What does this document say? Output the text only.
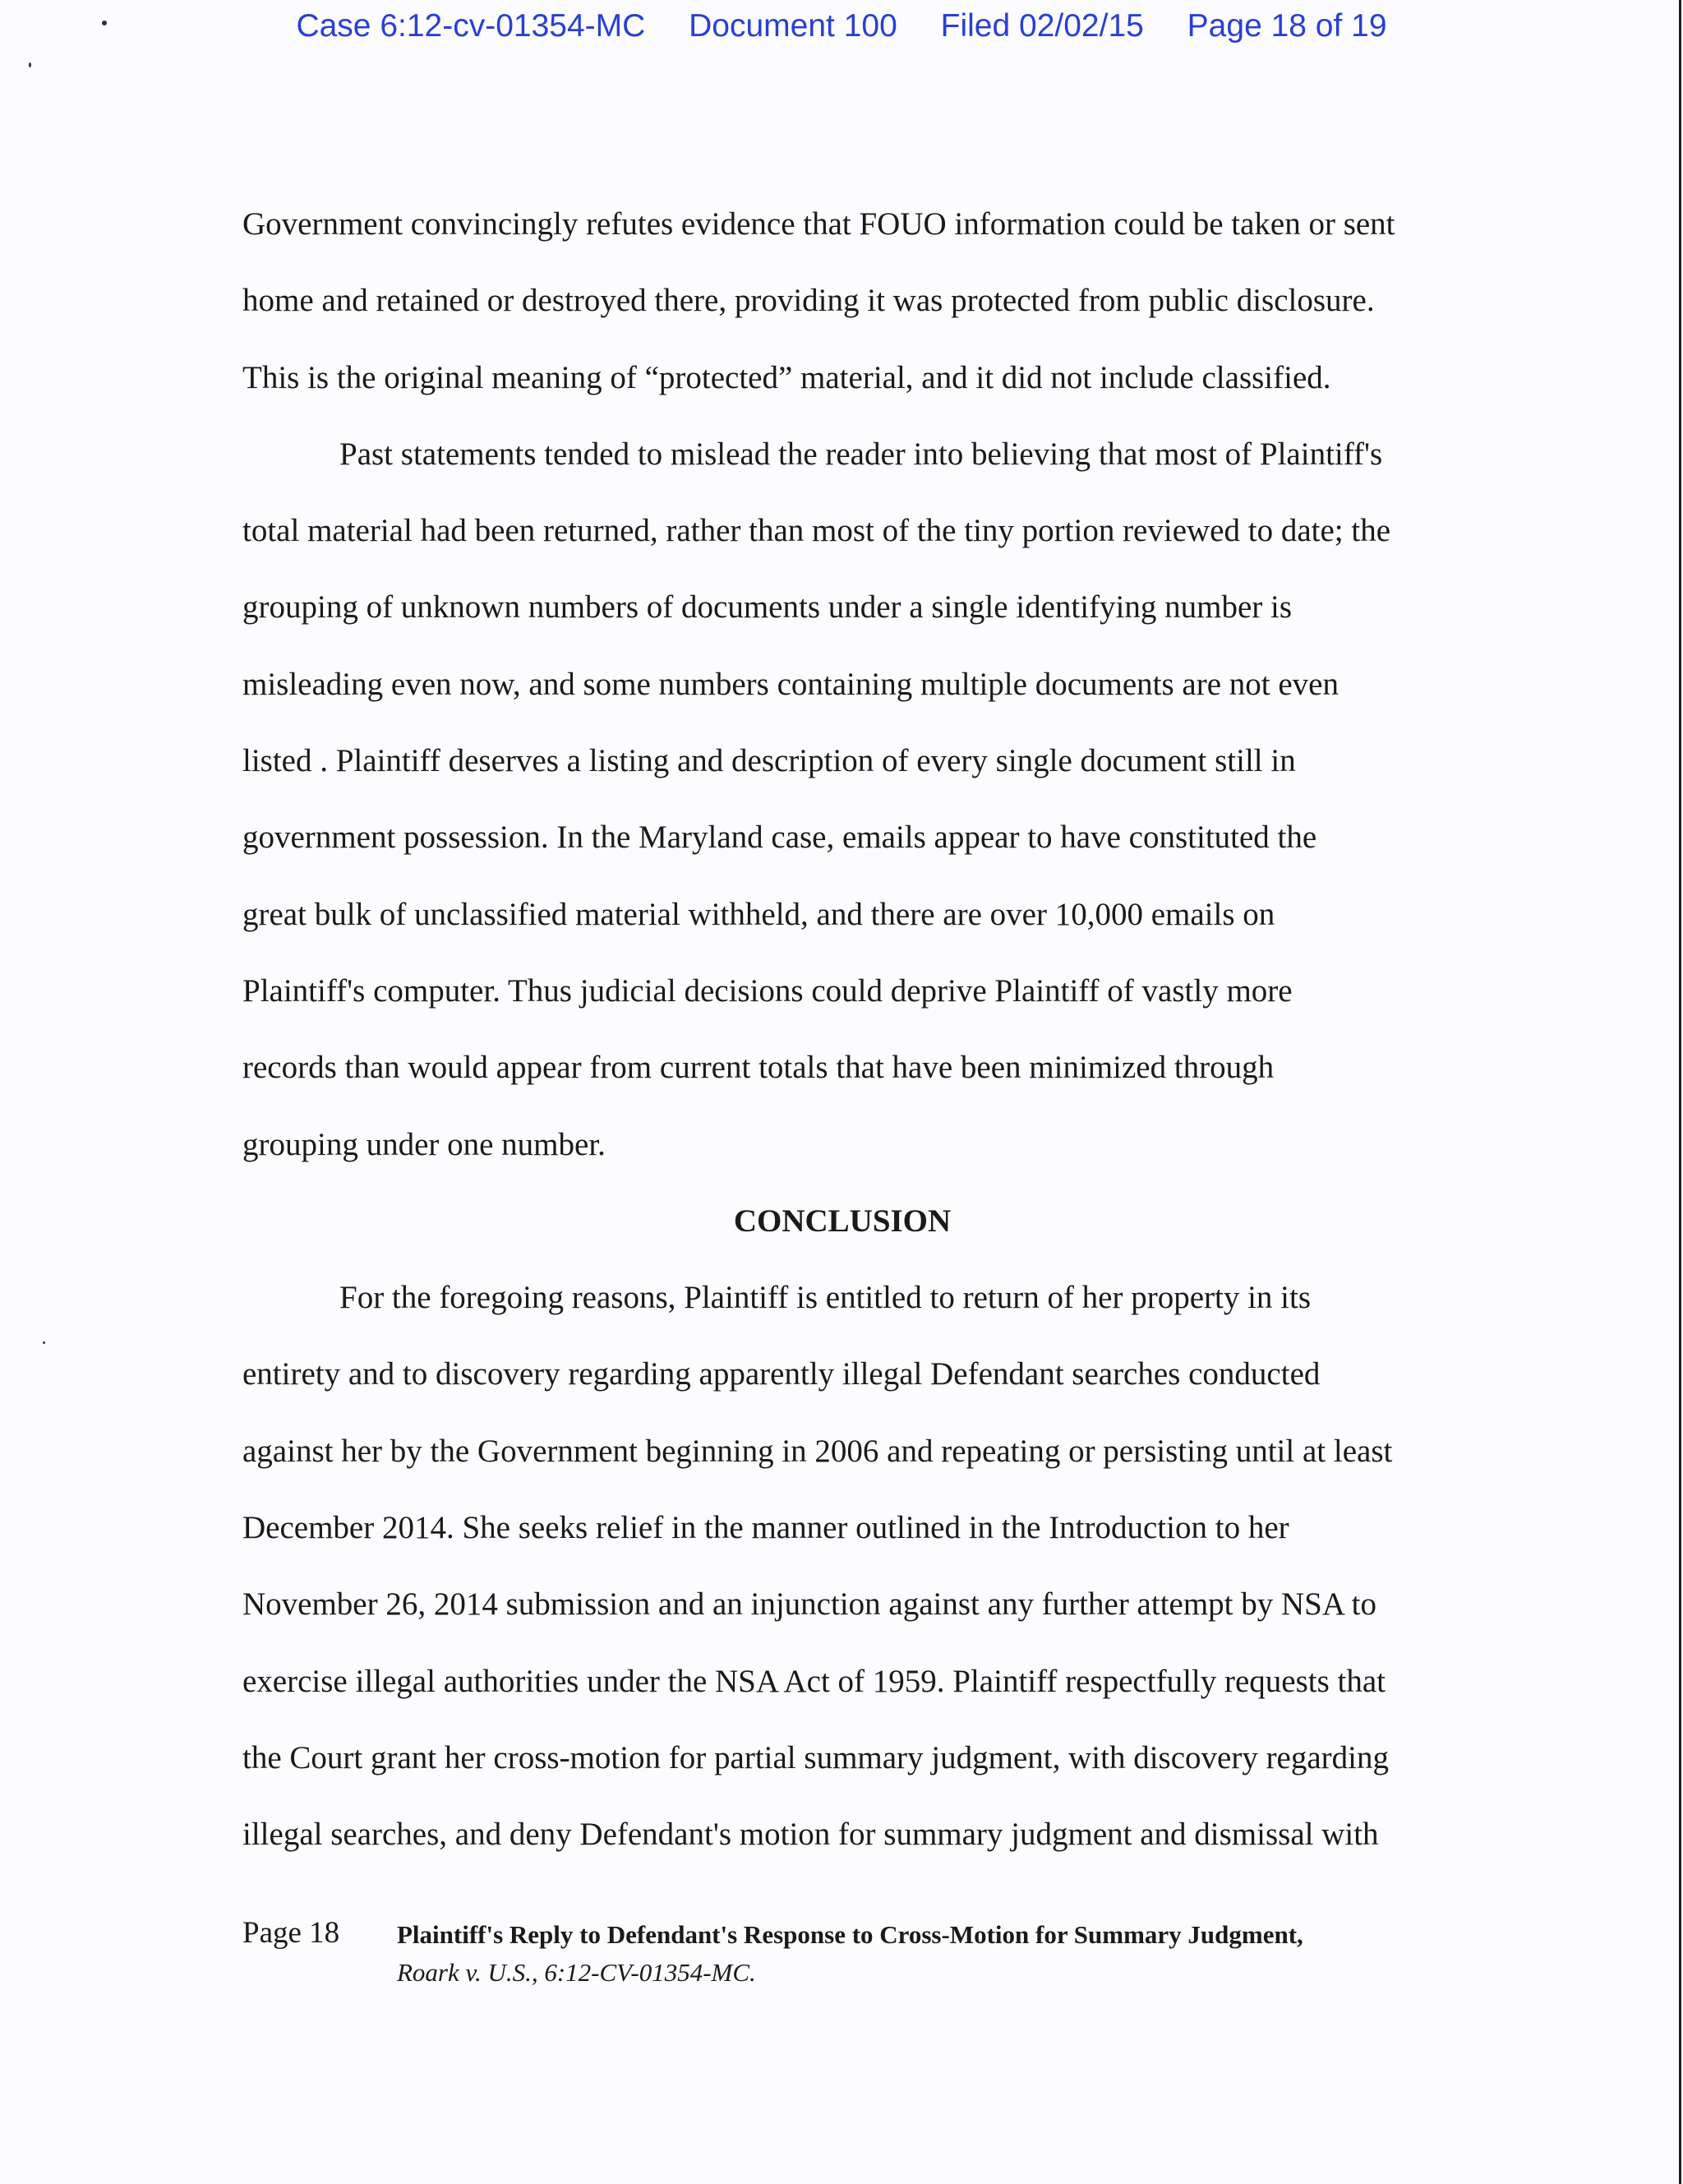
Case 6:12-cv-01354-MC Document 100 Filed 02/02/15 Page 18 of 19
Government convincingly refutes evidence that FOUO information could be taken or sent
home and retained or destroyed there, providing it was protected from public disclosure.
This is the original meaning of “protected” material, and it did not include classified.
Past statements tended to mislead the reader into believing that most of Plaintiff's
total material had been returned, rather than most of the tiny portion reviewed to date; the
grouping of unknown numbers of documents under a single identifying number is
misleading even now, and some numbers containing multiple documents are not even
listed . Plaintiff deserves a listing and description of every single document still in
government possession. In the Maryland case, emails appear to have constituted the
great bulk of unclassified material withheld, and there are over 10,000 emails on
Plaintiff's computer. Thus judicial decisions could deprive Plaintiff of vastly more
records than would appear from current totals that have been minimized through
grouping under one number.
CONCLUSION
For the foregoing reasons, Plaintiff is entitled to return of her property in its
entirety and to discovery regarding apparently illegal Defendant searches conducted
against her by the Government beginning in 2006 and repeating or persisting until at least
December 2014. She seeks relief in the manner outlined in the Introduction to her
November 26, 2014 submission and an injunction against any further attempt by NSA to
exercise illegal authorities under the NSA Act of 1959. Plaintiff respectfully requests that
the Court grant her cross-motion for partial summary judgment, with discovery regarding
illegal searches, and deny Defendant's motion for summary judgment and dismissal with
Page 18 Plaintiff's Reply to Defendant's Response to Cross-Motion for Summary Judgment,
Roark v. U.S., 6:12-CV-01354-MC.
